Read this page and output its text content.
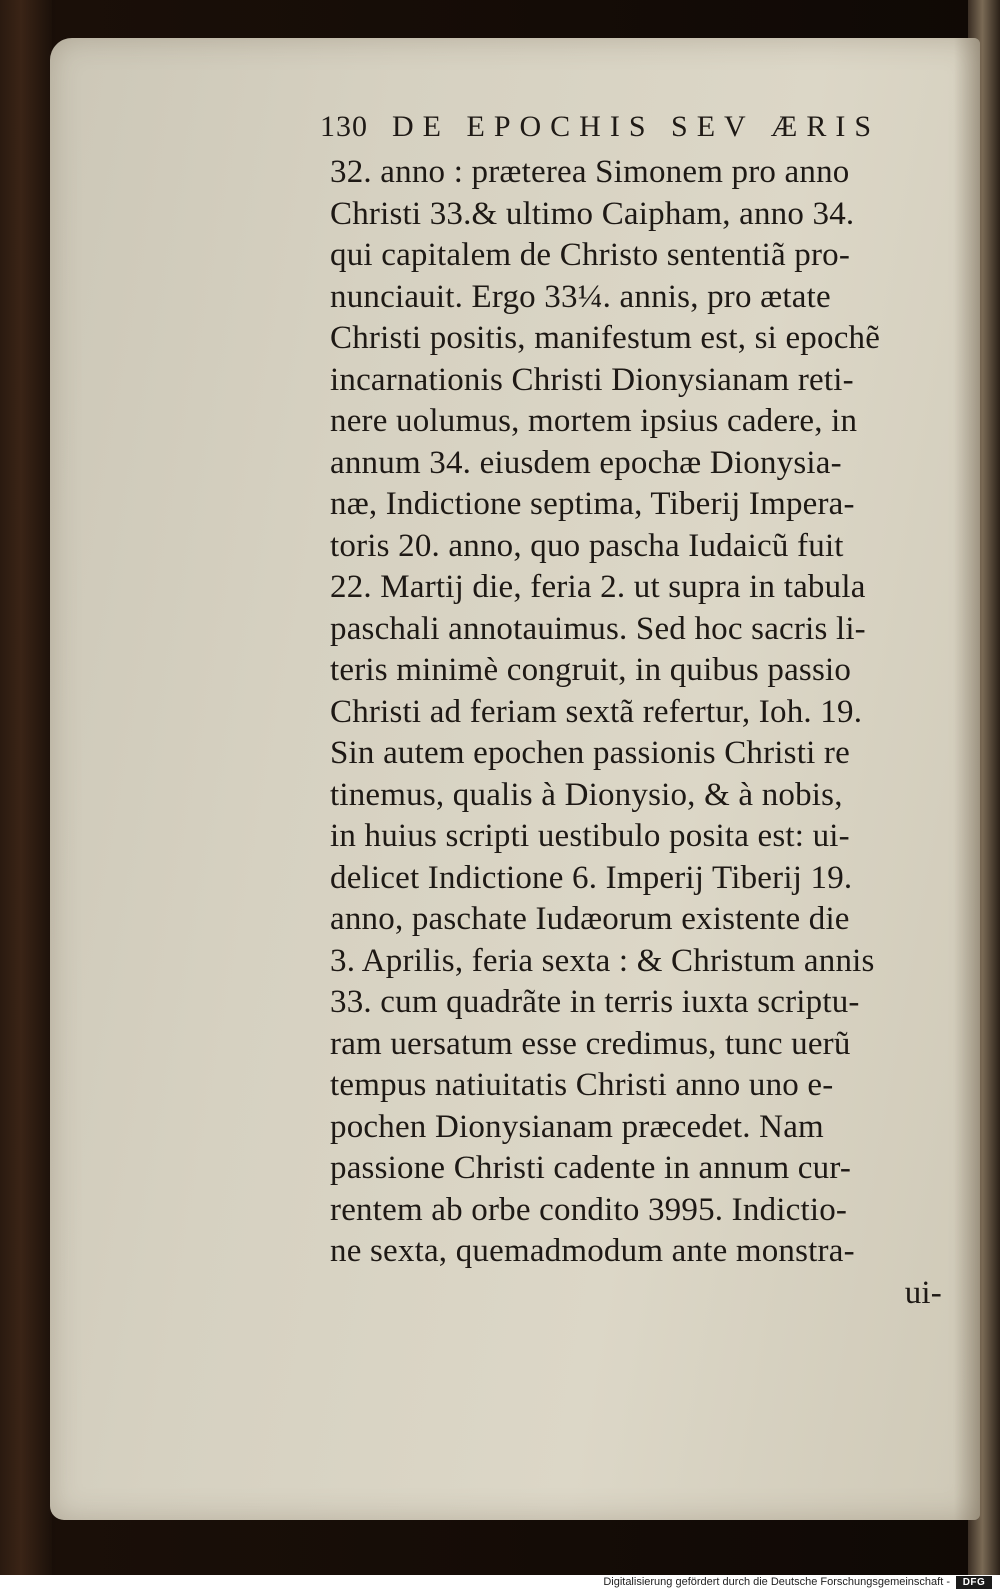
130 DE EPOCHIS SEV ÆRIS
32. anno : præterea Simonem pro anno
Christi 33.& ultimo Caipham, anno 34.
qui capitalem de Christo sententiã pro-
nunciauit. Ergo 33¼. annis, pro ætate
Christi positis, manifestum est, si epochẽ
incarnationis Christi Dionysianam reti-
nere uolumus, mortem ipsius cadere, in
annum 34. eiusdem epochæ Dionysia-
næ, Indictione septima, Tiberij Impera-
toris 20. anno, quo pascha Iudaicũ fuit
22. Martij die, feria 2. ut supra in tabula
paschali annotauimus. Sed hoc sacris li-
teris minimè congruit, in quibus passio
Christi ad feriam sextã refertur, Ioh. 19.
Sin autem epochen passionis Christi re
tinemus, qualis à Dionysio, & à nobis,
in huius scripti uestibulo posita est: ui-
delicet Indictione 6. Imperij Tiberij 19.
anno, paschate Iudæorum existente die
3. Aprilis, feria sexta : & Christum annis
33. cum quadrãte in terris iuxta scriptu-
ram uersatum esse credimus, tunc uerũ
tempus natiuitatis Christi anno uno e-
pochen Dionysianam præcedet. Nam
passione Christi cadente in annum cur-
rentem ab orbe condito 3995. Indictio-
ne sexta, quemadmodum ante monstra-
ui-
Digitalisierung gefördert durch die Deutsche Forschungsgemeinschaft -	DFG
